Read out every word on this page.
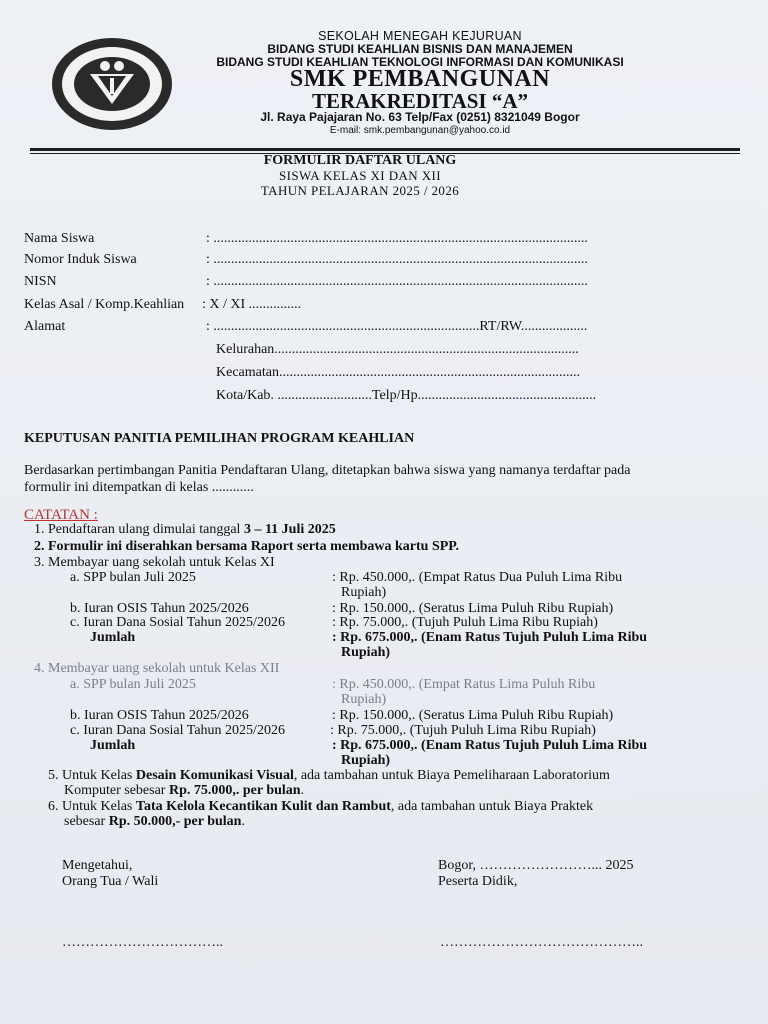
SEKOLAH MENEGAH KEJURUAN
BIDANG STUDI KEAHLIAN BISNIS DAN MANAJEMEN
BIDANG STUDI KEAHLIAN TEKNOLOGI INFORMASI DAN KOMUNIKASI
SMK PEMBANGUNAN
TERAKREDITASI “A”
Jl. Raya Pajajaran No. 63 Telp/Fax (0251) 8321049 Bogor
E-mail: smk.pembangunan@yahoo.co.id
FORMULIR DAFTAR ULANG
SISWA KELAS XI DAN XII
TAHUN PELAJARAN 2025 / 2026
Nama Siswa	: ...........................................................................................................
Nomor Induk Siswa	: ...........................................................................................................
NISN	: ...........................................................................................................
Kelas Asal / Komp.Keahlian : X / XI ...............
Alamat	: ............................................................................RT/RW...................
Kelurahan.......................................................................................
Kecamatan......................................................................................
Kota/Kab. ...........................Telp/Hp...................................................
KEPUTUSAN PANITIA PEMILIHAN PROGRAM KEAHLIAN
Berdasarkan pertimbangan Panitia Pendaftaran Ulang, ditetapkan bahwa siswa yang namanya terdaftar pada
formulir ini ditempatkan di kelas ............
CATATAN :
1. Pendaftaran ulang dimulai tanggal 3 – 11 Juli 2025
2. Formulir ini diserahkan bersama Raport serta membawa kartu SPP.
3. Membayar uang sekolah untuk Kelas XI
a. SPP bulan Juli 2025	: Rp. 450.000,. (Empat Ratus Dua Puluh Lima Ribu
Rupiah)
b. Iuran OSIS Tahun 2025/2026	: Rp. 150.000,. (Seratus Lima Puluh Ribu Rupiah)
c. Iuran Dana Sosial Tahun 2025/2026	: Rp. 75.000,. (Tujuh Puluh Lima Ribu Rupiah)
Jumlah	: Rp. 675.000,. (Enam Ratus Tujuh Puluh Lima Ribu
Rupiah)
4. Membayar uang sekolah untuk Kelas XII
a. SPP bulan Juli 2025	: Rp. 450.000,. (Empat Ratus Lima Puluh Ribu
Rupiah)
b. Iuran OSIS Tahun 2025/2026	: Rp. 150.000,. (Seratus Lima Puluh Ribu Rupiah)
c. Iuran Dana Sosial Tahun 2025/2026	: Rp. 75.000,. (Tujuh Puluh Lima Ribu Rupiah)
Jumlah	: Rp. 675.000,. (Enam Ratus Tujuh Puluh Lima Ribu
Rupiah)
5. Untuk Kelas Desain Komunikasi Visual, ada tambahan untuk Biaya Pemeliharaan Laboratorium
Komputer sebesar Rp. 75.000,. per bulan.
6. Untuk Kelas Tata Kelola Kecantikan Kulit dan Rambut, ada tambahan untuk Biaya Praktek
sebesar Rp. 50.000,- per bulan.
Mengetahui,
Orang Tua / Wali
……………………………..
Bogor, ……………………... 2025
Peserta Didik,
……………………………………..
